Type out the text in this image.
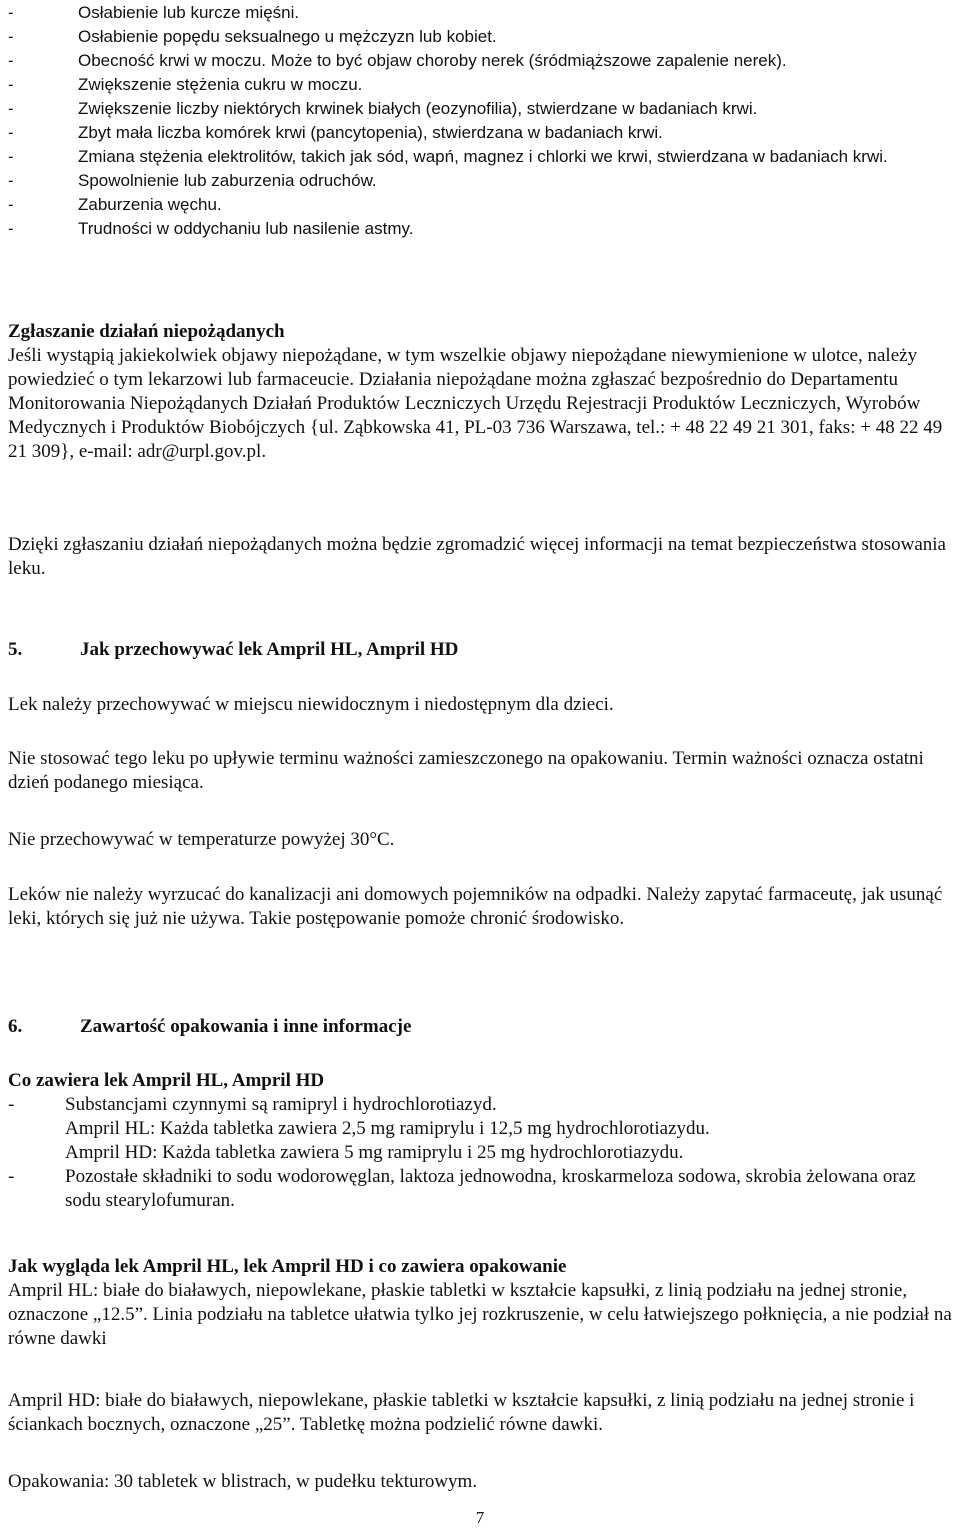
-	Osłabienie lub kurcze mięśni.
-	Osłabienie popędu seksualnego u mężczyzn lub kobiet.
-	Obecność krwi w moczu. Może to być objaw choroby nerek (śródmiąższowe zapalenie nerek).
-	Zwiększenie stężenia cukru w moczu.
-	Zwiększenie liczby niektórych krwinek białych (eozynofilia), stwierdzane w badaniach krwi.
-	Zbyt mała liczba komórek krwi (pancytopenia), stwierdzana w badaniach krwi.
-	Zmiana stężenia elektrolitów, takich jak sód, wapń, magnez i chlorki we krwi, stwierdzana w badaniach krwi.
-	Spowolnienie lub zaburzenia odruchów.
-	Zaburzenia węchu.
-	Trudności w oddychaniu lub nasilenie astmy.
Zgłaszanie działań niepożądanych

Jeśli wystąpią jakiekolwiek objawy niepożądane, w tym wszelkie objawy niepożądane niewymienione w ulotce, należy powiedzieć o tym lekarzowi lub farmaceucie. Działania niepożądane można zgłaszać bezpośrednio do Departamentu Monitorowania Niepożądanych Działań Produktów Leczniczych Urzędu Rejestracji Produktów Leczniczych, Wyrobów Medycznych i Produktów Biobójczych {ul. Ząbkowska 41, PL-03 736 Warszawa, tel.: + 48 22 49 21 301, faks: + 48 22 49 21 309}, e-mail: adr@urpl.gov.pl.

Dzięki zgłaszaniu działań niepożądanych można będzie zgromadzić więcej informacji na temat bezpieczeństwa stosowania leku.
5.	Jak przechowywać lek Ampril HL, Ampril HD
Lek należy przechowywać w miejscu niewidocznym i niedostępnym dla dzieci.
Nie stosować tego leku po upływie terminu ważności zamieszczonego na opakowaniu. Termin ważności oznacza ostatni dzień podanego miesiąca.
Nie przechowywać w temperaturze powyżej 30°C.
Leków nie należy wyrzucać do kanalizacji ani domowych pojemników na odpadki. Należy zapytać farmaceutę, jak usunąć leki, których się już nie używa. Takie postępowanie pomoże chronić środowisko.
6.	Zawartość opakowania i inne informacje
Co zawiera lek Ampril HL, Ampril HD
-	Substancjami czynnymi są ramipryl i hydrochlorotiazyd.
Ampril HL: Każda tabletka zawiera 2,5 mg ramiprylu i 12,5 mg hydrochlorotiazydu.
Ampril HD: Każda tabletka zawiera 5 mg ramiprylu i 25 mg hydrochlorotiazydu.
-	Pozostałe składniki to sodu wodorowęglan, laktoza jednowodna, kroskarmeloza sodowa, skrobia żelowana oraz sodu stearylofumuran.
Jak wygląda lek Ampril HL, lek Ampril HD i co zawiera opakowanie

Ampril HL: białe do białawych, niepowlekane, płaskie tabletki w kształcie kapsułki, z linią podziału na jednej stronie, oznaczone „12.5”. Linia podziału na tabletce ułatwia tylko jej rozkruszenie, w celu łatwiejszego połknięcia, a nie podział na równe dawki

Ampril HD: białe do białawych, niepowlekane, płaskie tabletki w kształcie kapsułki, z linią podziału na jednej stronie i ściankach bocznych, oznaczone „25”. Tabletkę można podzielić równe dawki.
Opakowania: 30 tabletek w blistrach, w pudełku tekturowym.
7
